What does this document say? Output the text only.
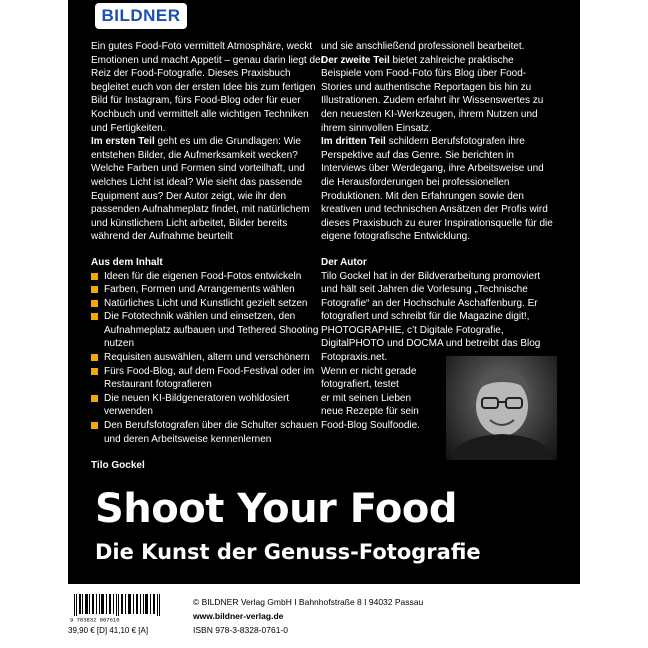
BILDNER

Ein gutes Food-Foto vermittelt Atmosphäre, weckt Emotionen und macht Appetit – genau darin liegt der Reiz der Food-Fotografie. Dieses Praxisbuch begleitet euch von der ersten Idee bis zum fertigen Bild für Instagram, fürs Food-Blog oder für euer Kochbuch und vermittelt alle wichtigen Techniken und Fertigkeiten.

Im ersten Teil geht es um die Grundlagen: Wie entstehen Bilder, die Aufmerksamkeit wecken? Welche Farben und Formen sind vorteilhaft, und welches Licht ist ideal? Wie sieht das passende Equipment aus? Der Autor zeigt, wie ihr den passenden Aufnahmeplatz findet, mit natürlichem und künstlichem Licht arbeitet, Bilder bereits während der Aufnahme beurteilt

Aus dem Inhalt
Ideen für die eigenen Food-Fotos entwickeln
Farben, Formen und Arrangements wählen
Natürliches Licht und Kunstlicht gezielt setzen
Die Fototechnik wählen und einsetzen, den Aufnahmeplatz aufbauen und Tethered Shooting nutzen
Requisiten auswählen, altern und verschönern
Fürs Food-Blog, auf dem Food-Festival oder im Restaurant fotografieren
Die neuen KI-Bildgeneratoren wohldosiert verwenden
Den Berufsfotografen über die Schulter schauen und deren Arbeitsweise kennenlernen

und sie anschließend professionell bearbeitet.

Der zweite Teil bietet zahlreiche praktische Beispiele vom Food-Foto fürs Blog über Food-Stories und authentische Reportagen bis hin zu Illustrationen. Zudem erfahrt ihr Wissenswertes zu den neuesten KI-Werkzeugen, ihrem Nutzen und ihrem sinnvollen Einsatz.

Im dritten Teil schildern Berufsfotografen ihre Perspektive auf das Genre. Sie berichten in Interviews über Werdegang, ihre Arbeitsweise und die Herausforderungen bei professionellen Produktionen. Mit den Erfahrungen sowie den kreativen und technischen Ansätzen der Profis wird dieses Praxisbuch zu eurer Inspirationsquelle für die eigene fotografische Entwicklung.

Der Autor

Tilo Gockel hat in der Bildverarbeitung promoviert und hält seit Jahren die Vorlesung „Technische Fotografie“ an der Hochschule Aschaffenburg. Er fotografiert und schreibt für die Magazine digit!, PHOTOGRAPHIE, c’t Digitale Fotografie, DigitalPHOTO und DOCMA und betreibt das Blog Fotopraxis.net.

Wenn er nicht gerade
fotografiert, testet
er mit seinen Lieben
neue Rezepte für sein
Food-Blog Soulfoodie.
Tilo Gockel
Shoot Your Food
Die Kunst der Genuss-Fotografie
9 783832 807610
39,90 € [D] 41,10 € [A]
© BILDNER Verlag GmbH I Bahnhofstraße 8 I 94032 Passau
www.bildner-verlag.de
ISBN 978-3-8328-0761-0
